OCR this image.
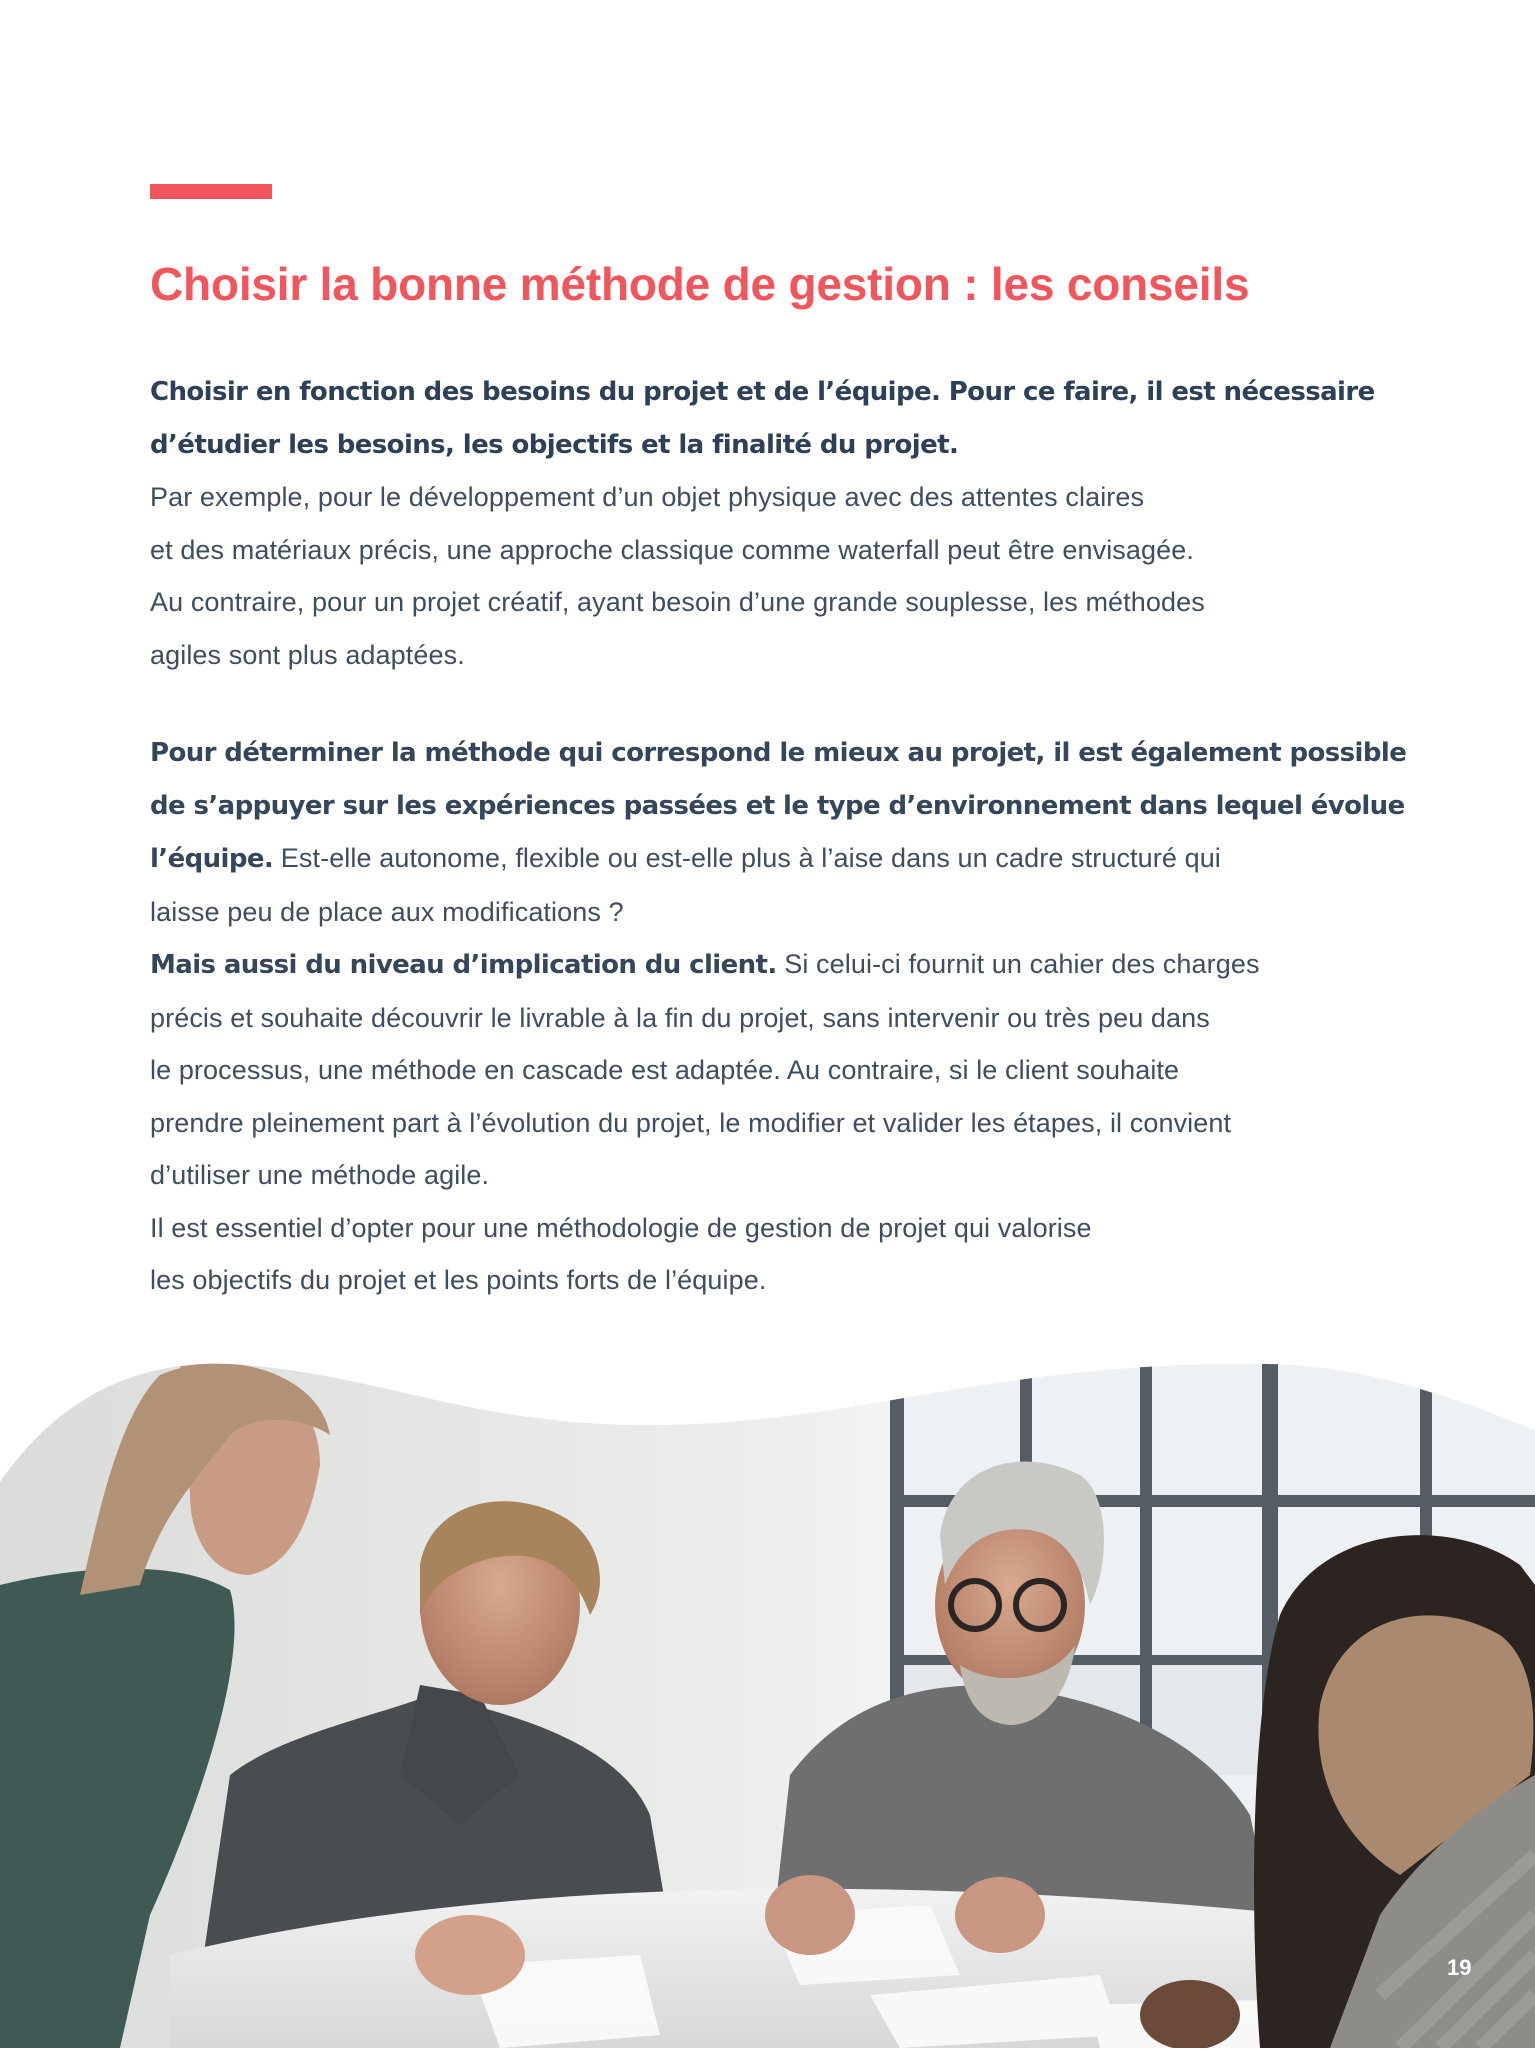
Choisir la bonne méthode de gestion : les conseils
Choisir en fonction des besoins du projet et de l’équipe. Pour ce faire, il est nécessaire
d’étudier les besoins, les objectifs et la finalité du projet.
Par exemple, pour le développement d’un objet physique avec des attentes claires
et des matériaux précis, une approche classique comme waterfall peut être envisagée.
Au contraire, pour un projet créatif, ayant besoin d’une grande souplesse, les méthodes
agiles sont plus adaptées.
Pour déterminer la méthode qui correspond le mieux au projet, il est également possible
de s’appuyer sur les expériences passées et le type d’environnement dans lequel évolue
l’équipe. Est-elle autonome, flexible ou est-elle plus à l’aise dans un cadre structuré qui
laisse peu de place aux modifications ?
Mais aussi du niveau d’implication du client. Si celui-ci fournit un cahier des charges
précis et souhaite découvrir le livrable à la fin du projet, sans intervenir ou très peu dans
le processus, une méthode en cascade est adaptée. Au contraire, si le client souhaite
prendre pleinement part à l’évolution du projet, le modifier et valider les étapes, il convient
d’utiliser une méthode agile.
Il est essentiel d’opter pour une méthodologie de gestion de projet qui valorise
les objectifs du projet et les points forts de l’équipe.
19
